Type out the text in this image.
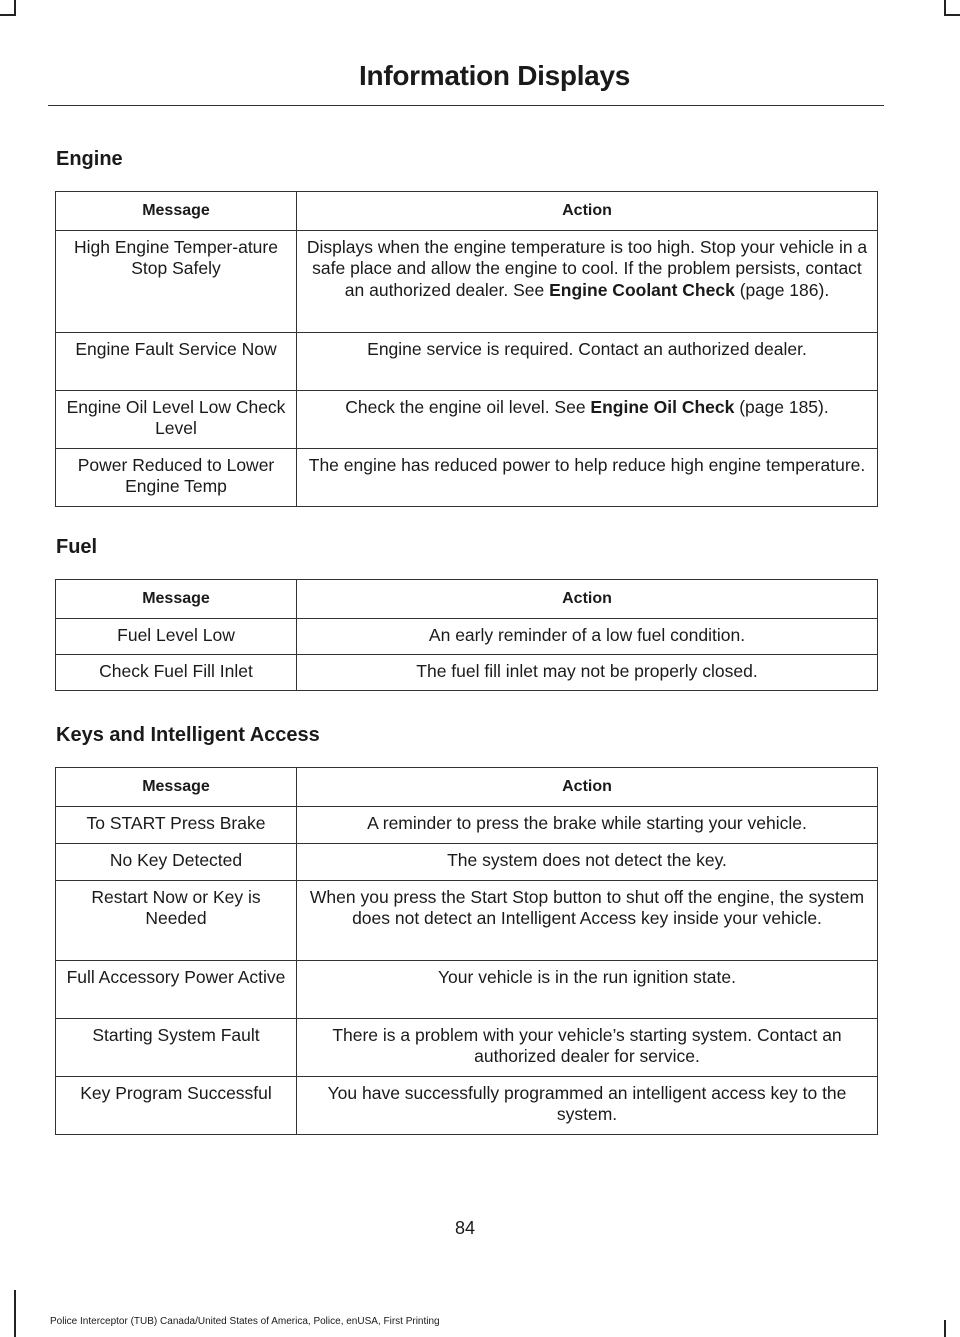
Information Displays
Engine
Message	Action
High Engine Temper-ature Stop Safely	Displays when the engine temperature is too high. Stop your vehicle in a safe place and allow the engine to cool. If the problem persists, contact an authorized dealer. See Engine Coolant Check (page 186).
Engine Fault Service Now	Engine service is required. Contact an authorized dealer.
Engine Oil Level Low Check Level	Check the engine oil level. See Engine Oil Check (page 185).
Power Reduced to Lower Engine Temp	The engine has reduced power to help reduce high engine temperature.
Fuel
Message	Action
Fuel Level Low	An early reminder of a low fuel condition.
Check Fuel Fill Inlet	The fuel fill inlet may not be properly closed.
Keys and Intelligent Access
Message	Action
To START Press Brake	A reminder to press the brake while starting your vehicle.
No Key Detected	The system does not detect the key.
Restart Now or Key is Needed	When you press the Start Stop button to shut off the engine, the system does not detect an Intelligent Access key inside your vehicle.
Full Accessory Power Active	Your vehicle is in the run ignition state.
Starting System Fault	There is a problem with your vehicle’s starting system. Contact an authorized dealer for service.
Key Program Successful	You have successfully programmed an intelligent access key to the system.
84
Police Interceptor (TUB) Canada/United States of America, Police, enUSA, First Printing
